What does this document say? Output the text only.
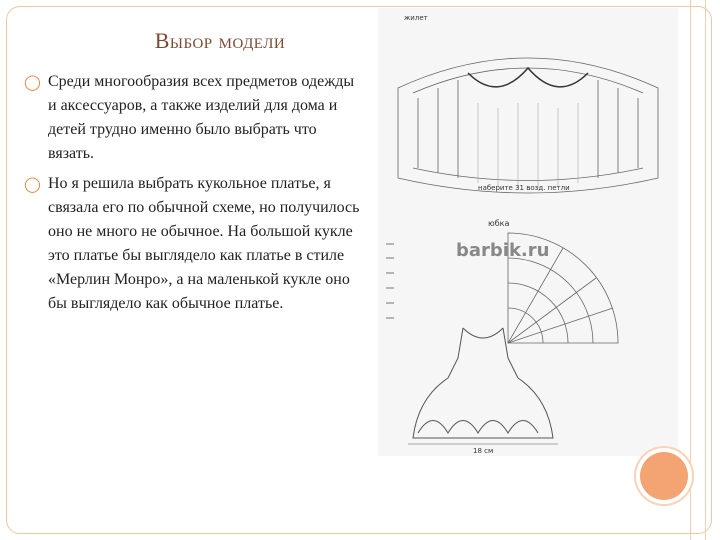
Выбор модели
◯ Среди многообразия всех предметов одежды и аксессуаров, а также изделий для дома и детей трудно именно было выбрать что вязать.
◯ Но я решила выбрать кукольное платье, я связала его по обычной схеме, но получилось оно не много не обычное. На большой кукле это платье бы выглядело как платье в стиле «Мерлин Монро», а на маленькой кукле оно бы выглядело как обычное платье.
жилет
наберите 31 возд. петли
юбка
barbik.ru
18 см
